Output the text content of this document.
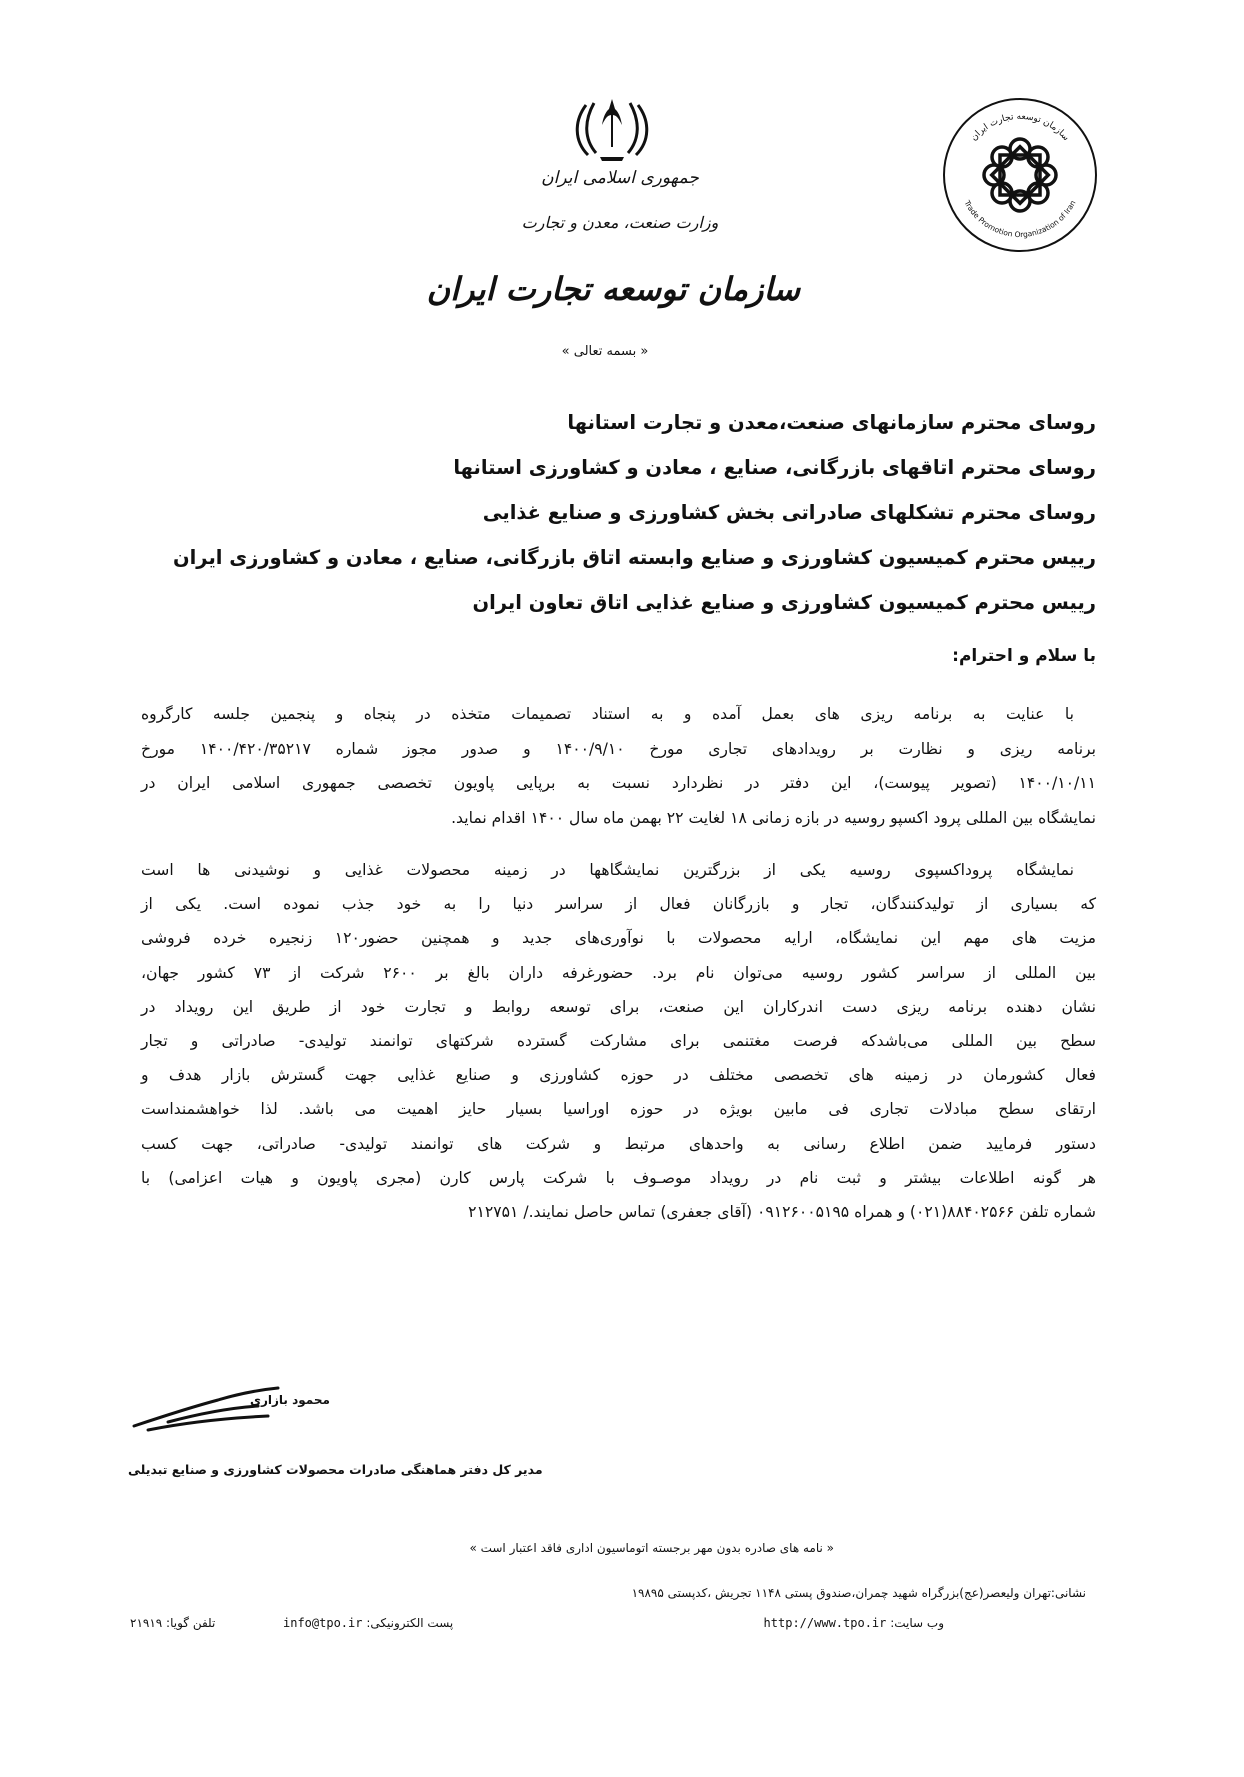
جمهوری اسلامی ایران
وزارت صنعت، معدن و تجارت
سازمان توسعه تجارت ایران
« بسمه تعالی »
سازمان توسعه تجارت ایران
Trade Promotion Organization of Iran
روسای محترم سازمانهای صنعت،معدن و تجارت استانها
روسای محترم اتاقهای بازرگانی، صنایع ، معادن و کشاورزی استانها
روسای محترم تشکلهای صادراتی بخش کشاورزی و صنایع غذایی
رییس محترم کمیسیون کشاورزی و صنایع وابسته اتاق بازرگانی، صنایع ، معادن و کشاورزی ایران
رییس محترم کمیسیون کشاورزی و صنایع غذایی اتاق تعاون ایران
با سلام و احترام:
با عنایت به برنامه ریزی های بعمل آمده و به استناد تصمیمات متخذه در پنجاه و پنجمین جلسه کارگروه
برنامه ریزی و نظارت بر رویدادهای تجاری مورخ ۱۴۰۰/۹/۱۰ و صدور مجوز شماره ۱۴۰۰/۴۲۰/۳۵۲۱۷ مورخ
۱۴۰۰/۱۰/۱۱ (تصویر پیوست)، این دفتر در نظردارد نسبت به برپایی پاویون تخصصی جمهوری اسلامی ایران در
نمایشگاه بین المللی پرود اکسپو روسیه در بازه زمانی ۱۸ لغایت ۲۲ بهمن ماه سال ۱۴۰۰ اقدام نماید.
نمایشگاه پروداکسپوی روسیه یکی از بزرگترین نمایشگاهها در زمینه محصولات غذایی و نوشیدنی ها است
که بسیاری از تولیدکنندگان، تجار و بازرگانان فعال از سراسر دنیا را به خود جذب نموده است. یکی از
مزیت های مهم این نمایشگاه، ارایه محصولات با نوآوری‌های جدید و همچنین حضور۱۲۰ زنجیره خرده فروشی
بین المللی از سراسر کشور روسیه می‌توان نام برد. حضورغرفه داران بالغ بر ۲۶۰۰ شرکت از ۷۳ کشور جهان،
نشان دهنده برنامه ریزی دست اندرکاران این صنعت، برای توسعه روابط و تجارت خود از طریق این رویداد در
سطح بین المللی می‌باشدکه فرصت مغتنمی برای مشارکت گسترده شرکتهای توانمند تولیدی- صادراتی و تجار
فعال کشورمان در زمینه های تخصصی مختلف در حوزه کشاورزی و صنایع غذایی جهت گسترش بازار هدف و
ارتقای سطح مبادلات تجاری فی مابین بویژه در حوزه اوراسیا بسیار حایز اهمیت می باشد. لذا خواهشمنداست
دستور فرمایید ضمن اطلاع رسانی به واحدهای مرتبط و شرکت های توانمند تولیدی- صادراتی، جهت کسب
هر گونه اطلاعات بیشتر و ثبت نام در رویداد موصـوف با شرکت پارس کارن (مجری پاویون و هیات اعزامی) با
شماره تلفن ۸۸۴۰۲۵۶۶(۰۲۱) و همراه ۰۹۱۲۶۰۰۵۱۹۵ (آقای جعفری) تماس حاصل نمایند./ ۲۱۲۷۵۱
محمود بازاری
مدیر کل دفتر هماهنگی صادرات محصولات کشاورزی و صنایع تبدیلی
« نامه های صادره بدون مهر برجسته اتوماسیون اداری فاقد اعتبار است »
نشانی:تهران ولیعصر(عج)بزرگراه شهید چمران،صندوق پستی ۱۱۴۸ تجریش ،کدپستی ۱۹۸۹۵
وب سایت: http://www.tpo.ir
پست الکترونیکی: info@tpo.ir
تلفن گویا: ۲۱۹۱۹
